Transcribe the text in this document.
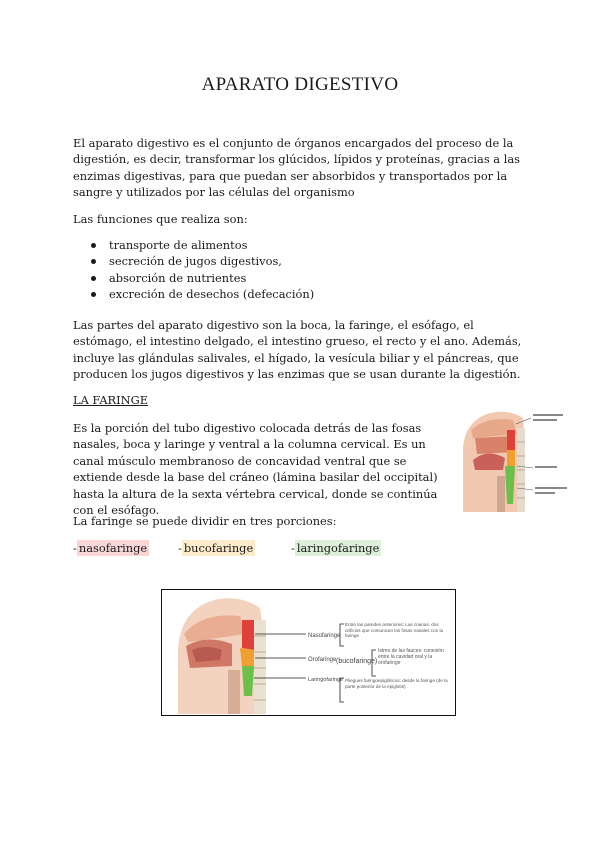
APARATO DIGESTIVO
El aparato digestivo es el conjunto de órganos encargados del proceso de la digestión, es decir, transformar los glúcidos, lípidos y proteínas, gracias a las enzimas digestivas, para que puedan ser absorbidos y transportados por la sangre y utilizados por las células del organismo
Las funciones que realiza son:
transporte de alimentos
secreción de jugos digestivos,
absorción de nutrientes
excreción de desechos (defecación)
Las partes del aparato digestivo son la boca, la faringe, el esófago, el estómago, el intestino delgado, el intestino grueso, el recto y el ano. Además, incluye las glándulas salivales, el hígado, la vesícula biliar y el páncreas, que producen los jugos digestivos y las enzimas que se usan durante la digestión.
LA FARINGE
Es la porción del tubo digestivo colocada detrás de las fosas nasales, boca y laringe y ventral a la columna cervical. Es un canal músculo membranoso de concavidad ventral que se extiende desde la base del cráneo (lámina basilar del occipital) hasta la altura de la sexta vértebra cervical, donde se continúa con el esófago.
La faringe se puede dividir en tres porciones:
- nasofaringe	- bucofaringe	- laringofaringe
Nasofaringe
Orofaringe (bucofaringe)
Laringofaringe
Entre las paredes anteriores: Las coanas, dos orificios que comunican las fosas nasales con la faringe
Istmo de las fauces: conexión entre la cavidad oral y la orofaringe
Pliegues faringoepiglóticos: desde la faringe (de la parte posterior de la epiglotis)
